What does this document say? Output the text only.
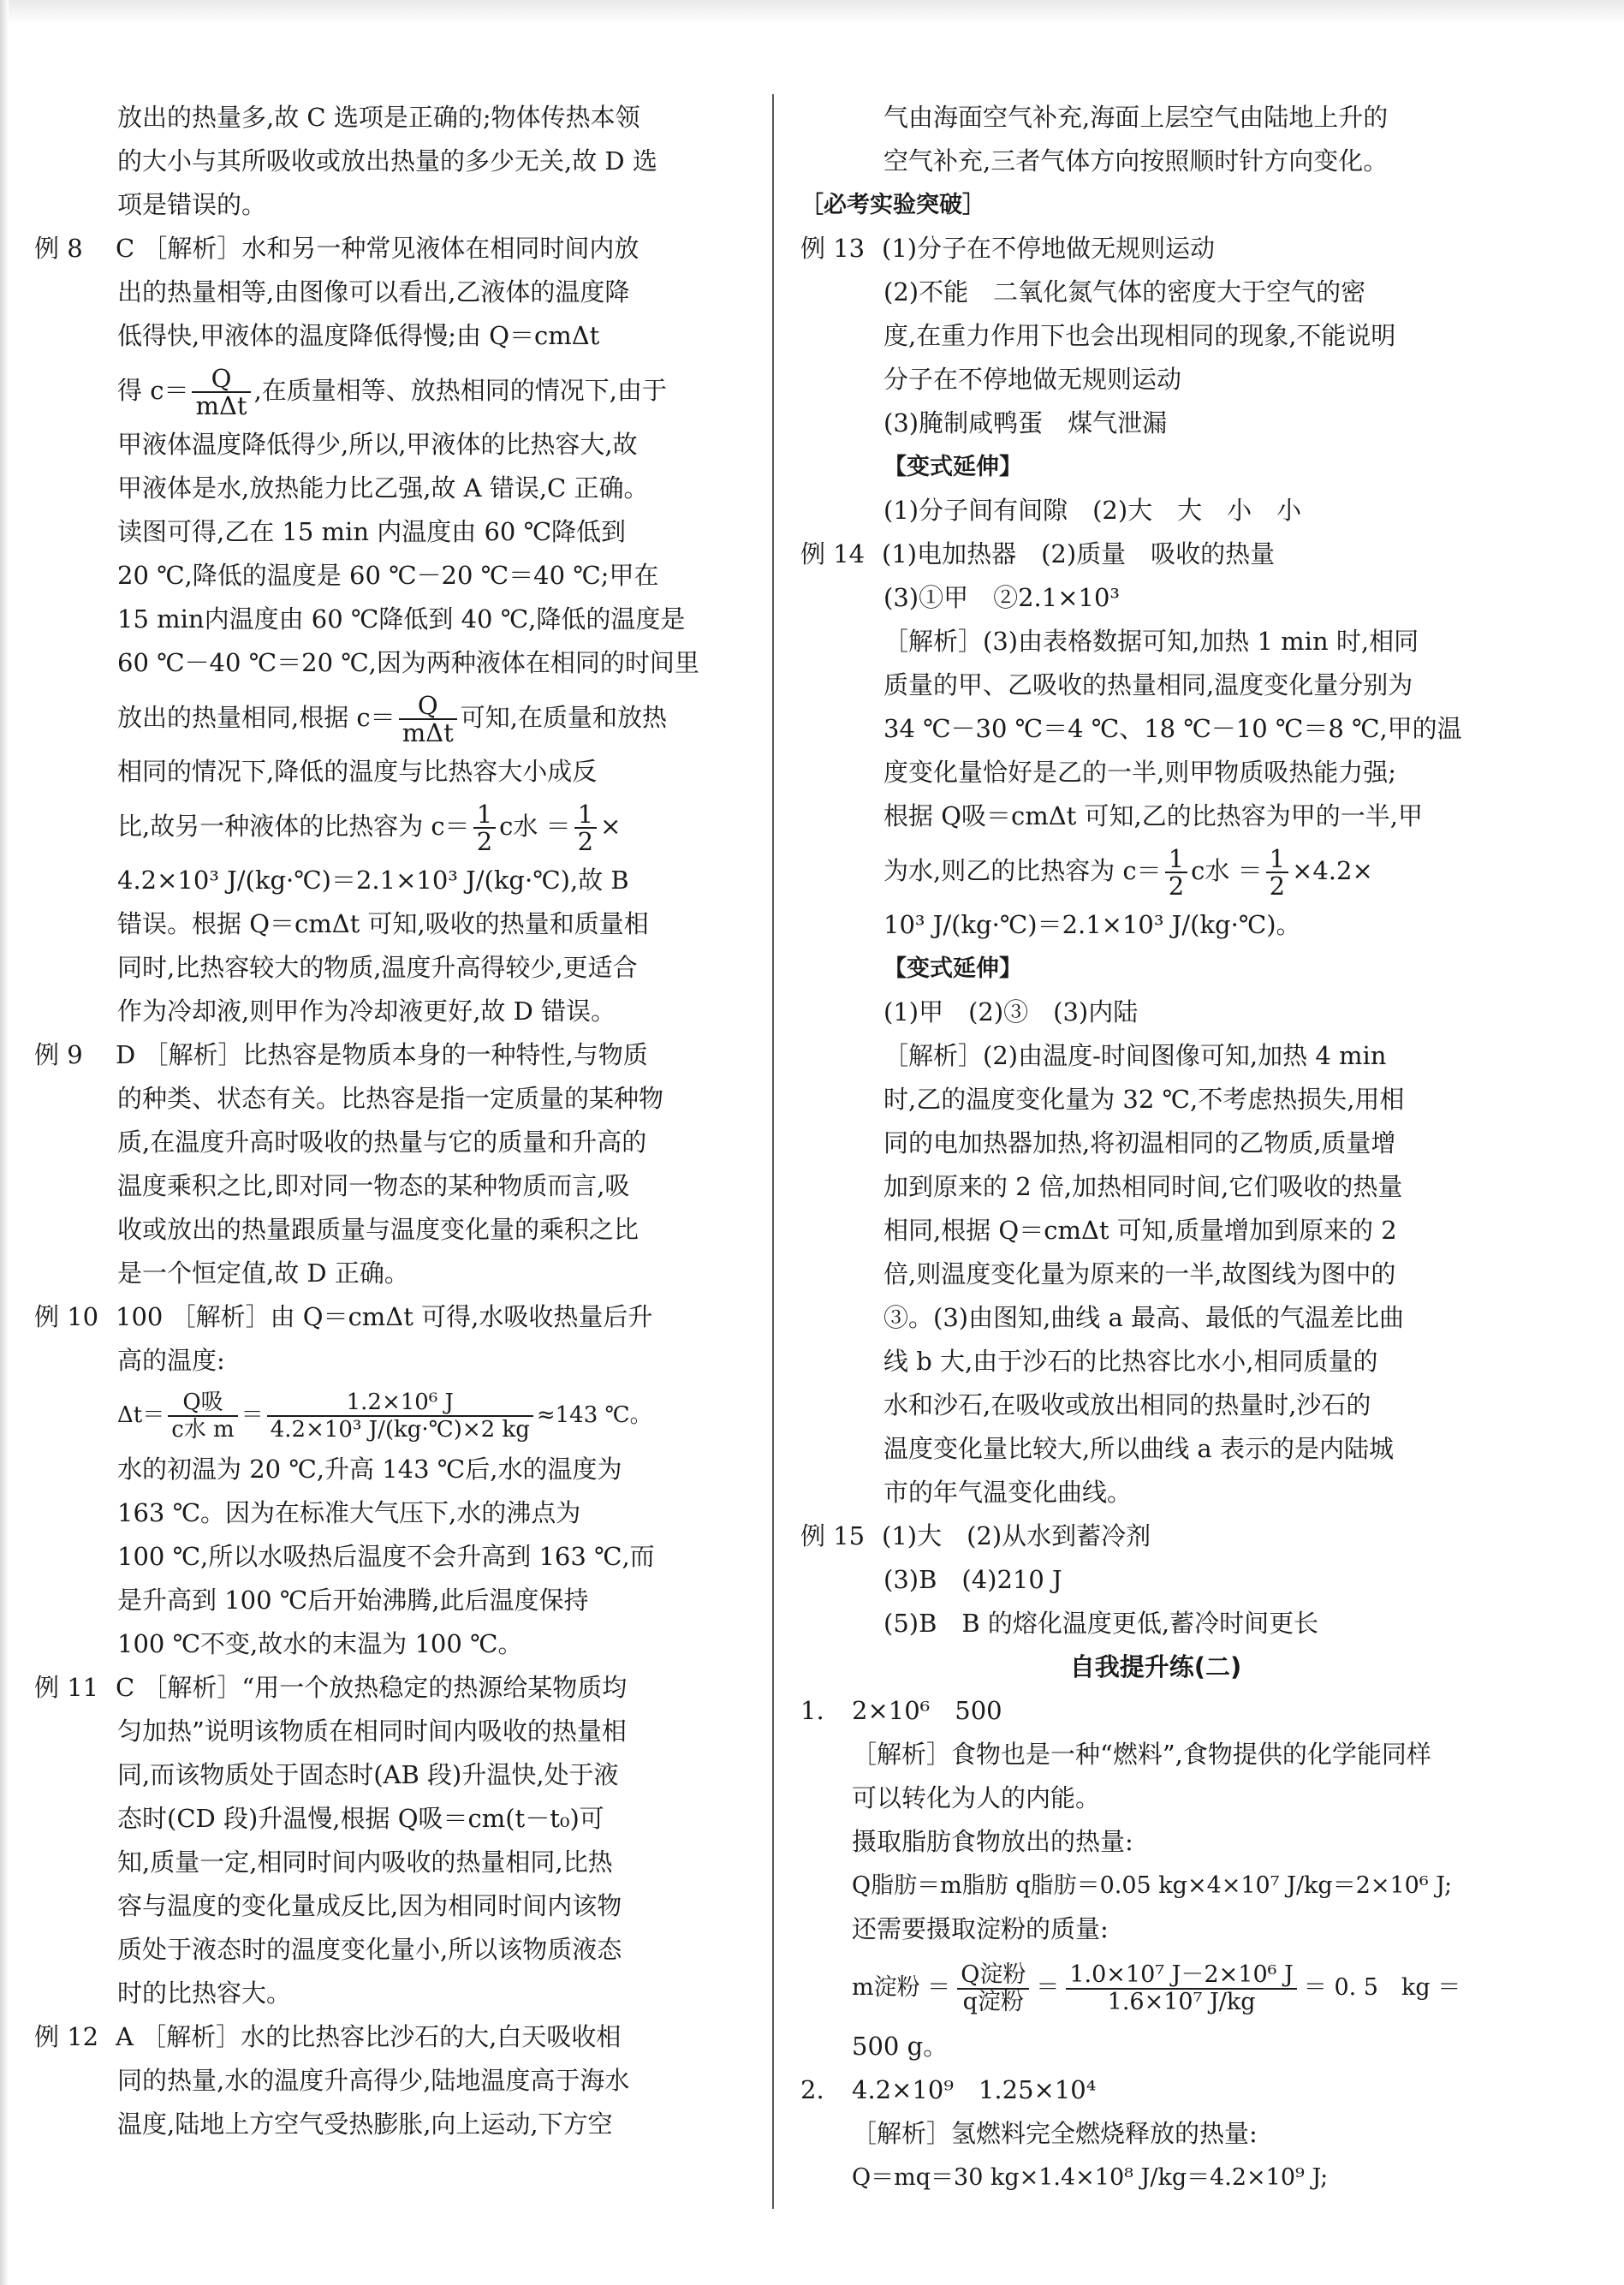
放出的热量多,故 C 选项是正确的;物体传热本领
的大小与其所吸收或放出热量的多少无关,故 D 选
项是错误的。
例 8 C ［解析］水和另一种常见液体在相同时间内放
出的热量相等,由图像可以看出,乙液体的温度降
低得快,甲液体的温度降低得慢;由 Q＝cmΔt
得 c＝ Q
mΔt
,在质量相等、放热相同的情况下,由于
甲液体温度降低得少,所以,甲液体的比热容大,故
甲液体是水,放热能力比乙强,故 A 错误,C 正确。
读图可得,乙在 15 min 内温度由 60 ℃降低到
20 ℃,降低的温度是 60 ℃－20 ℃＝40 ℃;甲在
15 min内温度由 60 ℃降低到 40 ℃,降低的温度是
60 ℃－40 ℃＝20 ℃,因为两种液体在相同的时间里
放出的热量相同,根据 c＝ Q
mΔt
可知,在质量和放热
相同的情况下,降低的温度与比热容大小成反
比,故另一种液体的比热容为 $c= \frac{1}{2}$ c水 ＝ $\frac{1}{2}$ ×
4.2×10³ J/(kg·℃)＝2.1×10³ J/(kg·℃),故 B
错误。根据 Q＝cmΔt 可知,吸收的热量和质量相
同时,比热容较大的物质,温度升高得较少,更适合
作为冷却液,则甲作为冷却液更好,故 D 错误。
例 9 D ［解析］比热容是物质本身的一种特性,与物质
的种类、状态有关。比热容是指一定质量的某种物
质,在温度升高时吸收的热量与它的质量和升高的
温度乘积之比,即对同一物态的某种物质而言,吸
收或放出的热量跟质量与温度变化量的乘积之比
是一个恒定值,故 D 正确。
例 10 100 ［解析］由 Q＝cmΔt 可得,水吸收热量后升
高的温度:
Δt＝ Q吸
c水 m
＝ $\frac{\text{1.2×10⁶ J}}{\text{4.2×10³ J/(kg·℃)×2 kg}} \approx 143$ ℃。
水的初温为 20 ℃,升高 143 ℃后,水的温度为
163 ℃。因为在标准大气压下,水的沸点为
100 ℃,所以水吸热后温度不会升高到 163 ℃,而
是升高到 100 ℃后开始沸腾,此后温度保持
100 ℃不变,故水的末温为 100 ℃。
例 11 C ［解析］“用一个放热稳定的热源给某物质均
匀加热”说明该物质在相同时间内吸收的热量相
同,而该物质处于固态时(AB 段)升温快,处于液
态时(CD 段)升温慢,根据 Q吸＝cm(t－t₀)可
知,质量一定,相同时间内吸收的热量相同,比热
容与温度的变化量成反比,因为相同时间内该物
质处于液态时的温度变化量小,所以该物质液态
时的比热容大。
例 12 A ［解析］水的比热容比沙石的大,白天吸收相
同的热量,水的温度升高得少,陆地温度高于海水
温度,陆地上方空气受热膨胀,向上运动,下方空
气由海面空气补充,海面上层空气由陆地上升的
空气补充,三者气体方向按照顺时针方向变化。
［必考实验突破］
例 13 (1)分子在不停地做无规则运动
(2)不能　二氧化氮气体的密度大于空气的密
度,在重力作用下也会出现相同的现象,不能说明
分子在不停地做无规则运动
(3)腌制咸鸭蛋　煤气泄漏
【变式延伸】
(1)分子间有间隙　(2)大　大　小　小
例 14 (1)电加热器　(2)质量　吸收的热量
(3)①甲　②2.1×10³
［解析］(3)由表格数据可知,加热 1 min 时,相同
质量的甲、乙吸收的热量相同,温度变化量分别为
34 ℃－30 ℃＝4 ℃、18 ℃－10 ℃＝8 ℃,甲的温
度变化量恰好是乙的一半,则甲物质吸热能力强;
根据 Q吸＝cmΔt 可知,乙的比热容为甲的一半,甲
为水,则乙的比热容为 $c= \frac{1}{2}$ c水 ＝ $\frac{1}{2} \times 4.2\times$
10³ J/(kg·℃)＝2.1×10³ J/(kg·℃)。
【变式延伸】
(1)甲　(2)③　(3)内陆
［解析］(2)由温度-时间图像可知,加热 4 min
时,乙的温度变化量为 32 ℃,不考虑热损失,用相
同的电加热器加热,将初温相同的乙物质,质量增
加到原来的 2 倍,加热相同时间,它们吸收的热量
相同,根据 Q＝cmΔt 可知,质量增加到原来的 2
倍,则温度变化量为原来的一半,故图线为图中的
③。(3)由图知,曲线 a 最高、最低的气温差比曲
线 b 大,由于沙石的比热容比水小,相同质量的
水和沙石,在吸收或放出相同的热量时,沙石的
温度变化量比较大,所以曲线 a 表示的是内陆城
市的年气温变化曲线。
例 15 (1)大　(2)从水到蓄冷剂
(3)B　(4)210 J
(5)B　B 的熔化温度更低,蓄冷时间更长
自我提升练(二)
1. 2×10⁶　500
［解析］食物也是一种“燃料”,食物提供的化学能同样
可以转化为人的内能。
摄取脂肪食物放出的热量:
Q脂肪＝m脂肪 q脂肪＝0.05 kg×4×10⁷ J/kg＝2×10⁶ J;
还需要摄取淀粉的质量:
m淀粉 ＝ Q淀粉
q淀粉
＝ $\frac{\text{1.0×10⁷ J－2×10⁶ J}}{\text{1.6×10⁷ J/kg}} = 0$. 5　kg ＝
500 g。
2. 4.2×10⁹　1.25×10⁴
［解析］氢燃料完全燃烧释放的热量:
Q＝mq＝30 kg×1.4×10⁸ J/kg＝4.2×10⁹ J;
